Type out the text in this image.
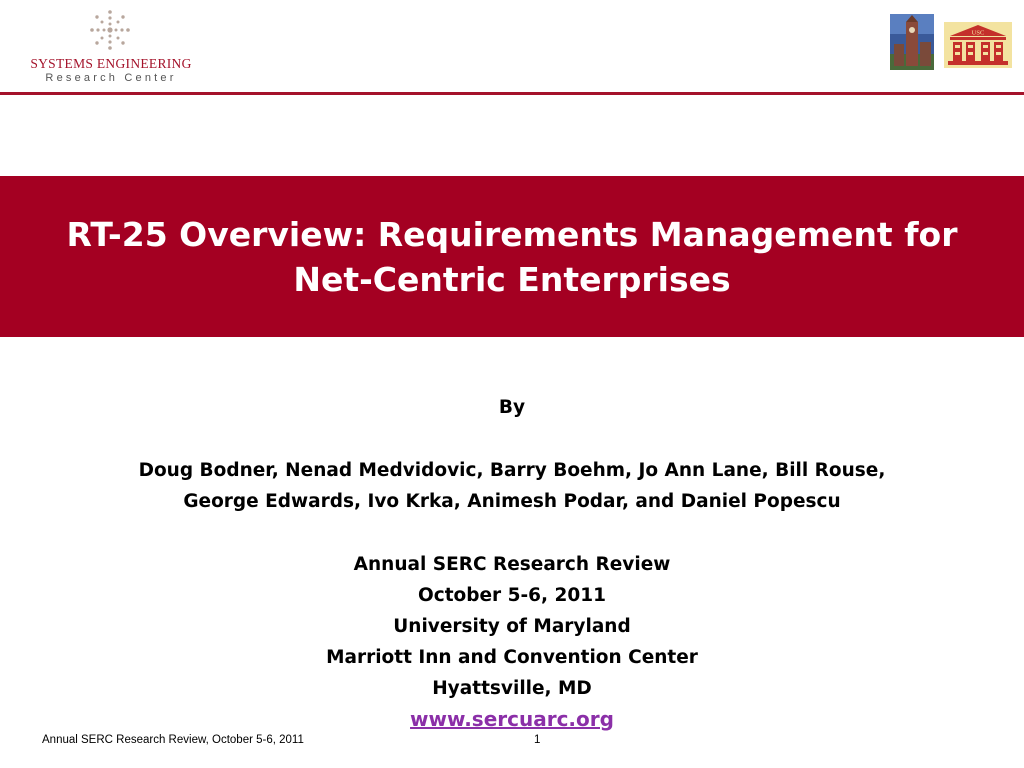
SYSTEMS ENGINEERING
Research Center
USC
RT-25 Overview: Requirements Management for
Net-Centric Enterprises

By

Doug Bodner, Nenad Medvidovic, Barry Boehm, Jo Ann Lane, Bill Rouse,

George Edwards, Ivo Krka, Animesh Podar, and Daniel Popescu

Annual SERC Research Review

October 5-6, 2011

University of Maryland

Marriott Inn and Convention Center

Hyattsville, MD

www.sercuarc.org

Annual SERC Research Review, October 5-6, 2011	1
